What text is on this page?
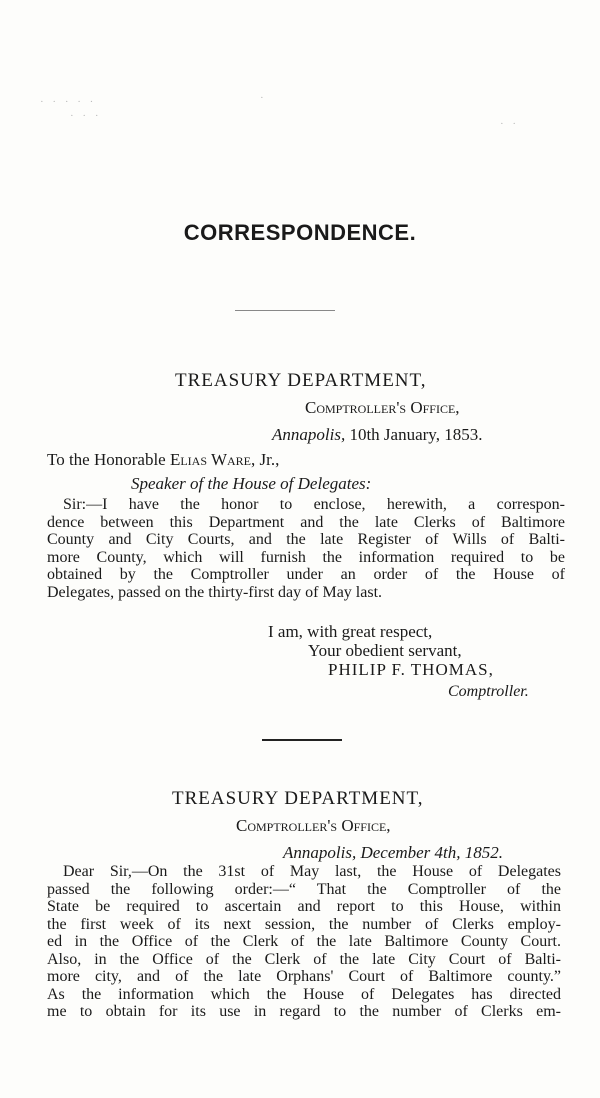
· · · · ·
· · ·
·
· ·
CORRESPONDENCE.
TREASURY DEPARTMENT,
Comptroller's Office,
Annapolis, 10th January, 1853.
To the Honorable Elias Ware, Jr.,
Speaker of the House of Delegates:
Sir:—I have the honor to enclose, herewith, a correspon-
dence between this Department and the late Clerks of Baltimore
County and City Courts, and the late Register of Wills of Balti-
more County, which will furnish the information required to be
obtained by the Comptroller under an order of the House of
Delegates, passed on the thirty-first day of May last.
I am, with great respect,
Your obedient servant,
PHILIP F. THOMAS,
Comptroller.
TREASURY DEPARTMENT,
Comptroller's Office,
Annapolis, December 4th, 1852.
Dear Sir,—On the 31st of May last, the House of Delegates
passed the following order:—“ That the Comptroller of the
State be required to ascertain and report to this House, within
the first week of its next session, the number of Clerks employ-
ed in the Office of the Clerk of the late Baltimore County Court.
Also, in the Office of the Clerk of the late City Court of Balti-
more city, and of the late Orphans' Court of Baltimore county.”
As the information which the House of Delegates has directed
me to obtain for its use in regard to the number of Clerks em-
